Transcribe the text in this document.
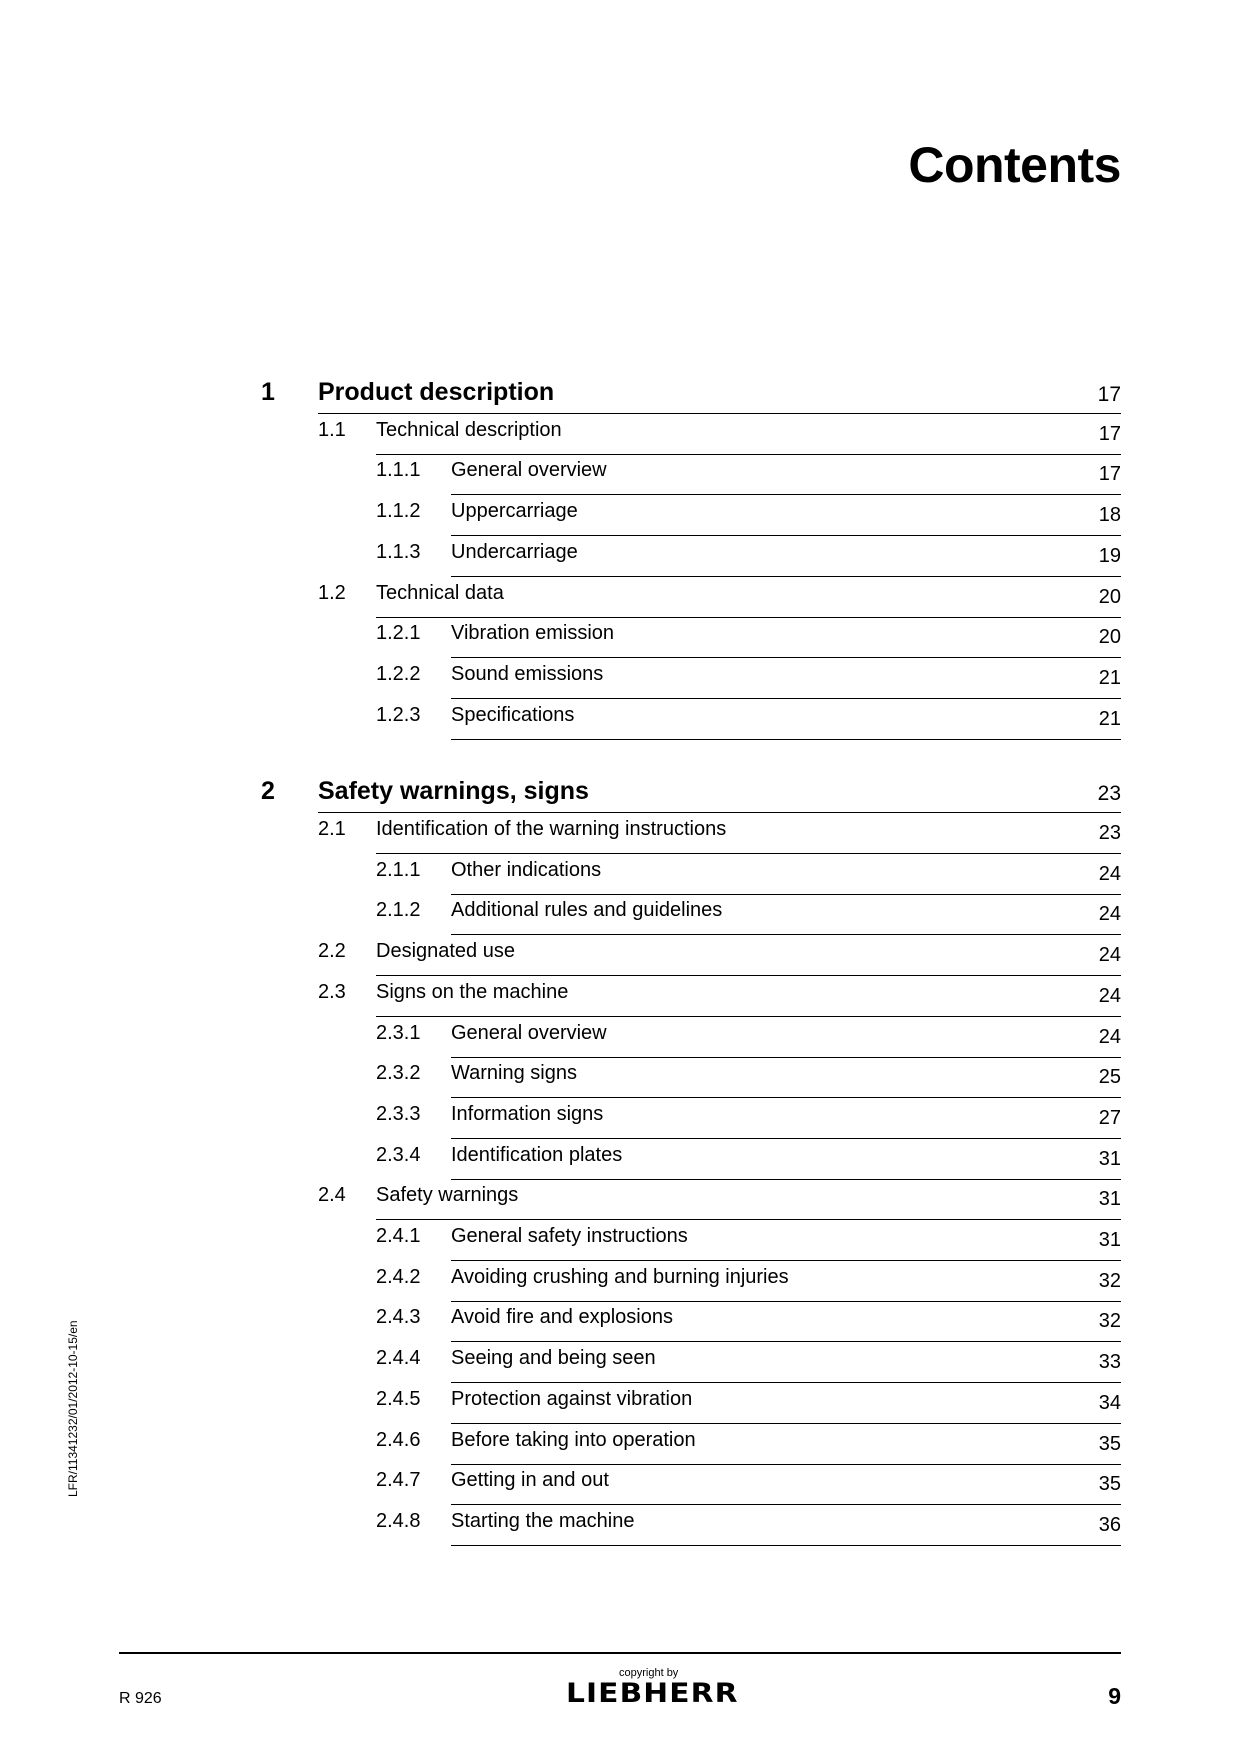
Contents
1 Product description	17
1.1 Technical description	17
1.1.1 General overview	17
1.1.2 Uppercarriage	18
1.1.3 Undercarriage	19
1.2 Technical data	20
1.2.1 Vibration emission	20
1.2.2 Sound emissions	21
1.2.3 Specifications	21
2 Safety warnings, signs	23
2.1 Identification of the warning instructions	23
2.1.1 Other indications	24
2.1.2 Additional rules and guidelines	24
2.2 Designated use	24
2.3 Signs on the machine	24
2.3.1 General overview	24
2.3.2 Warning signs	25
2.3.3 Information signs	27
2.3.4 Identification plates	31
2.4 Safety warnings	31
2.4.1 General safety instructions	31
2.4.2 Avoiding crushing and burning injuries	32
2.4.3 Avoid fire and explosions	32
2.4.4 Seeing and being seen	33
2.4.5 Protection against vibration	34
2.4.6 Before taking into operation	35
2.4.7 Getting in and out	35
2.4.8 Starting the machine	36
LFR/11341232/01/2012-10-15/en
R 926
copyright by
LIEBHERR	9
